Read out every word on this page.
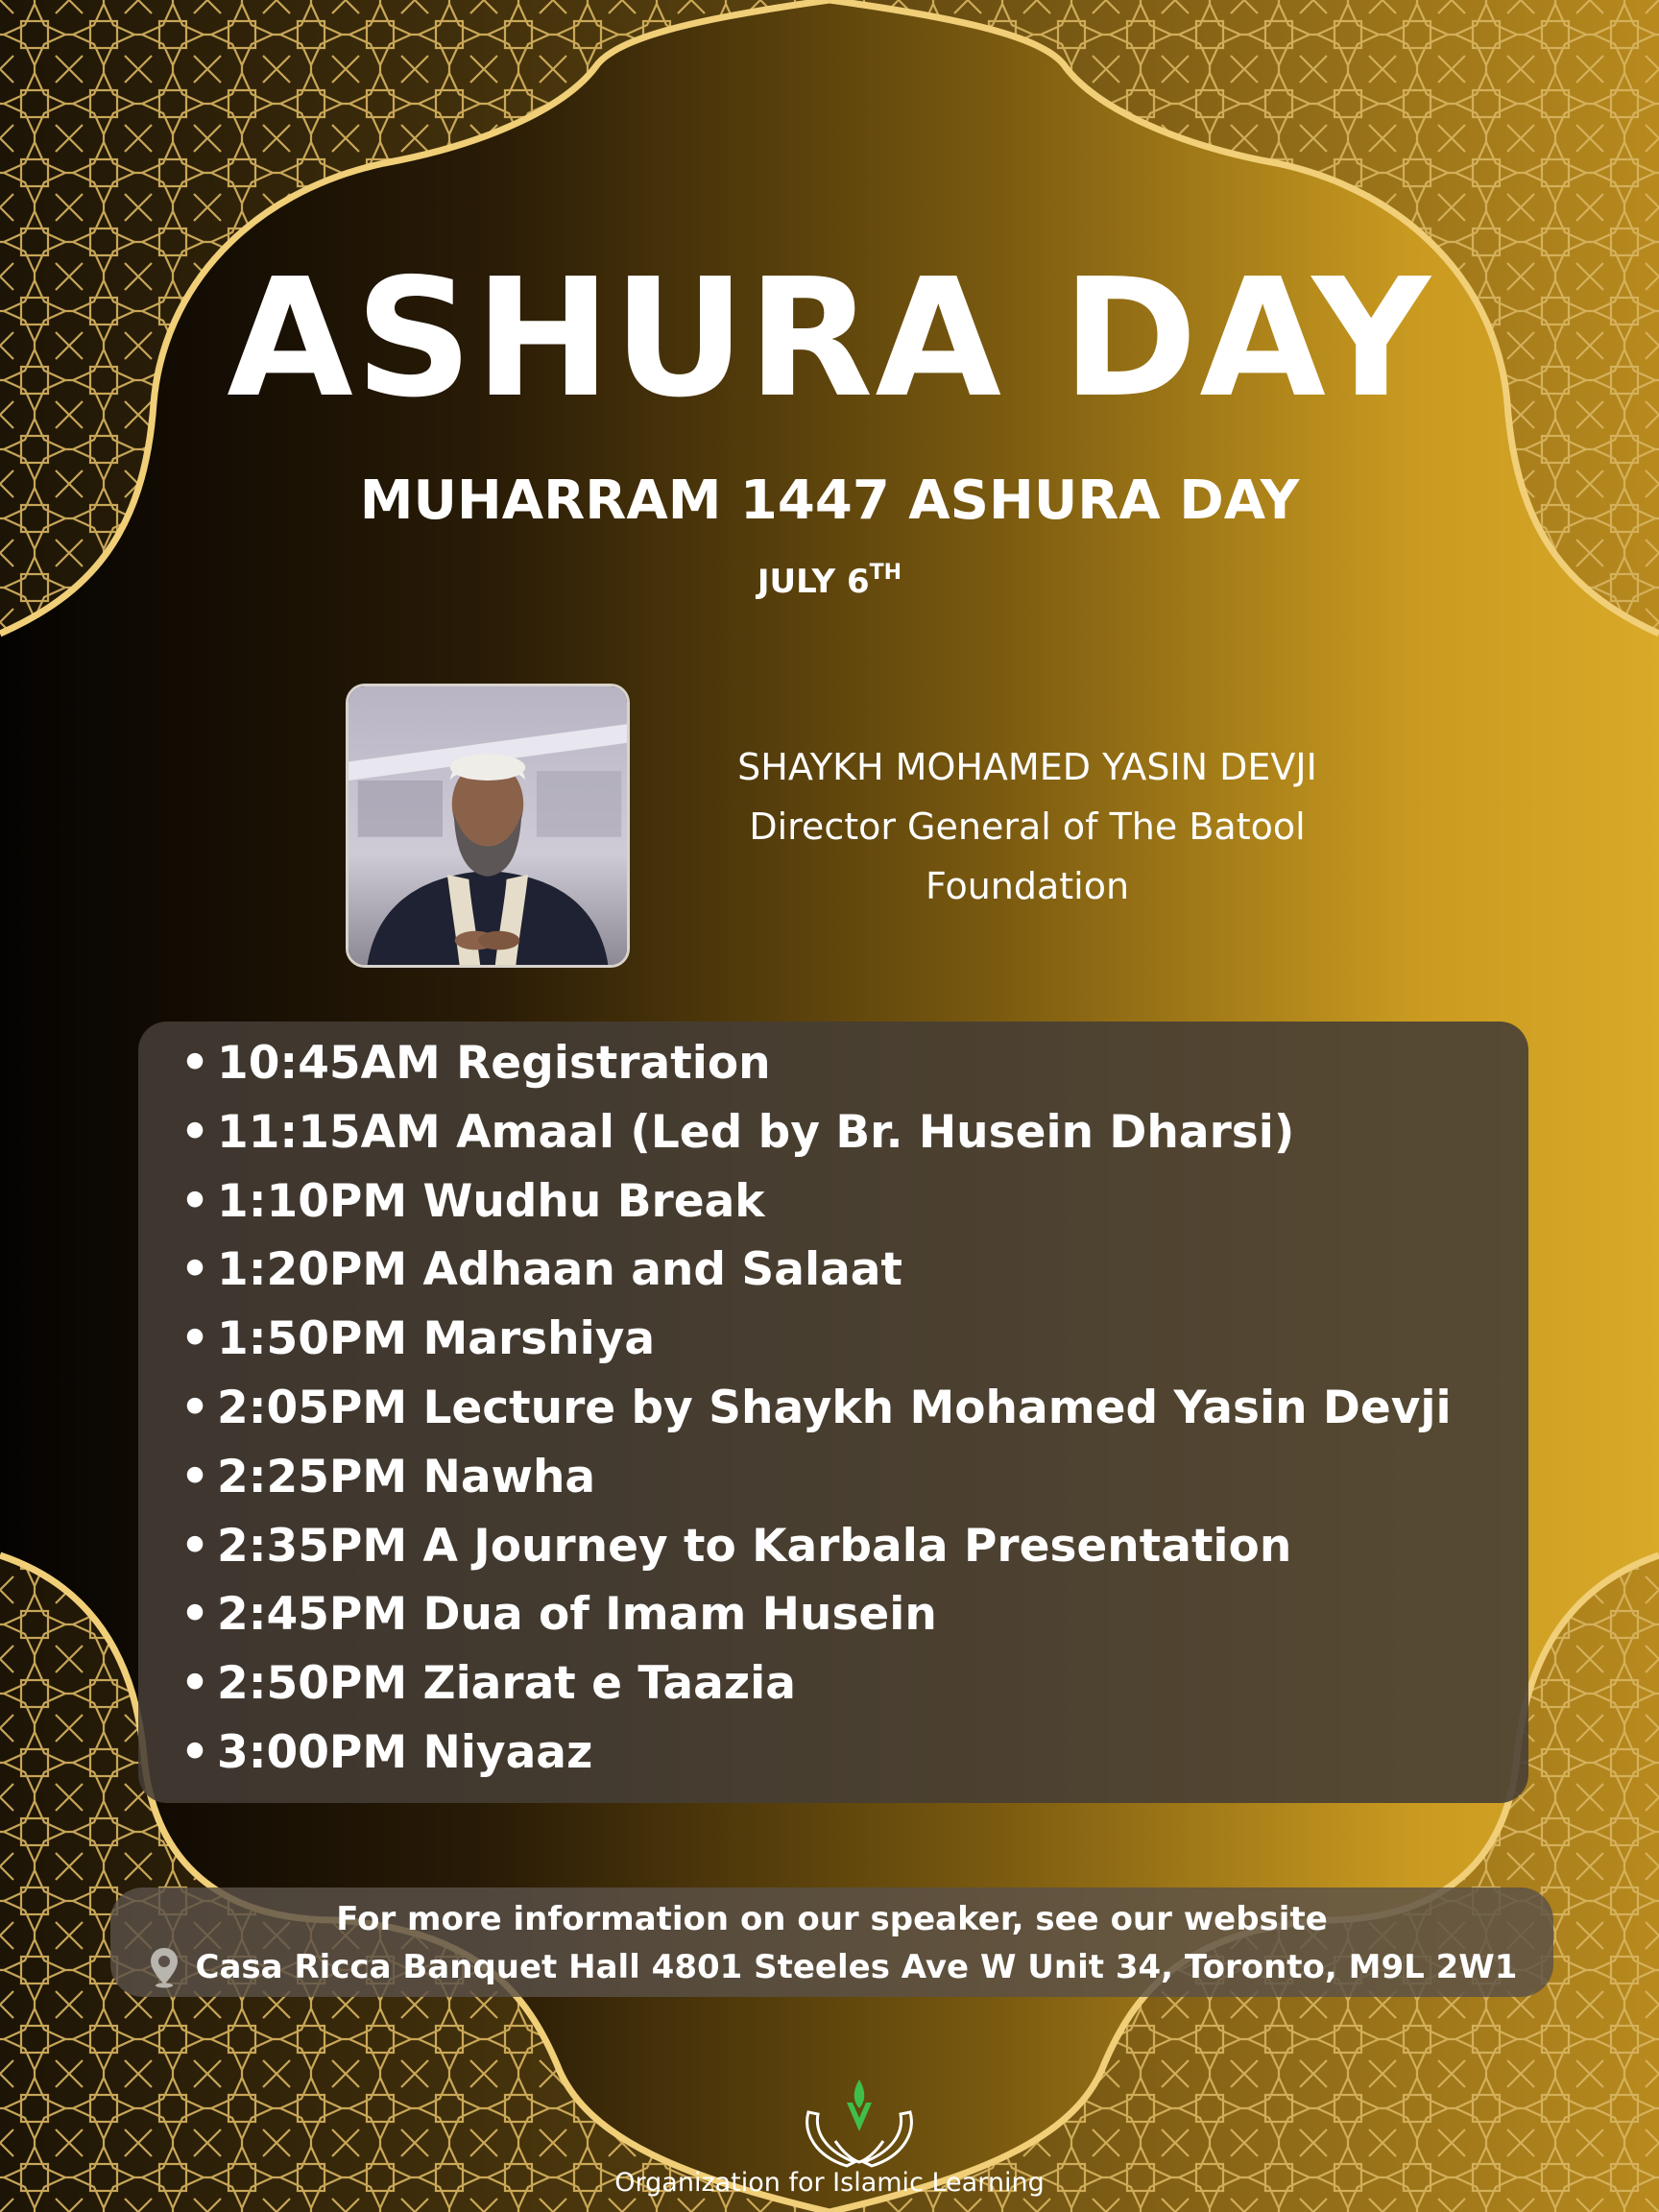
ASHURA DAY
MUHARRAM 1447 ASHURA DAY
JULY 6TH
SHAYKH MOHAMED YASIN DEVJI
Director General of The Batool
Foundation
• 10:45AM Registration
• 11:15AM Amaal (Led by Br. Husein Dharsi)
• 1:10PM Wudhu Break
• 1:20PM Adhaan and Salaat
• 1:50PM Marshiya
• 2:05PM Lecture by Shaykh Mohamed Yasin Devji
• 2:25PM Nawha
• 2:35PM A Journey to Karbala Presentation
• 2:45PM Dua of Imam Husein
• 2:50PM Ziarat e Taazia
• 3:00PM Niyaaz
For more information on our speaker, see our website
Casa Ricca Banquet Hall 4801 Steeles Ave W Unit 34, Toronto, M9L 2W1
Organization for Islamic Learning
